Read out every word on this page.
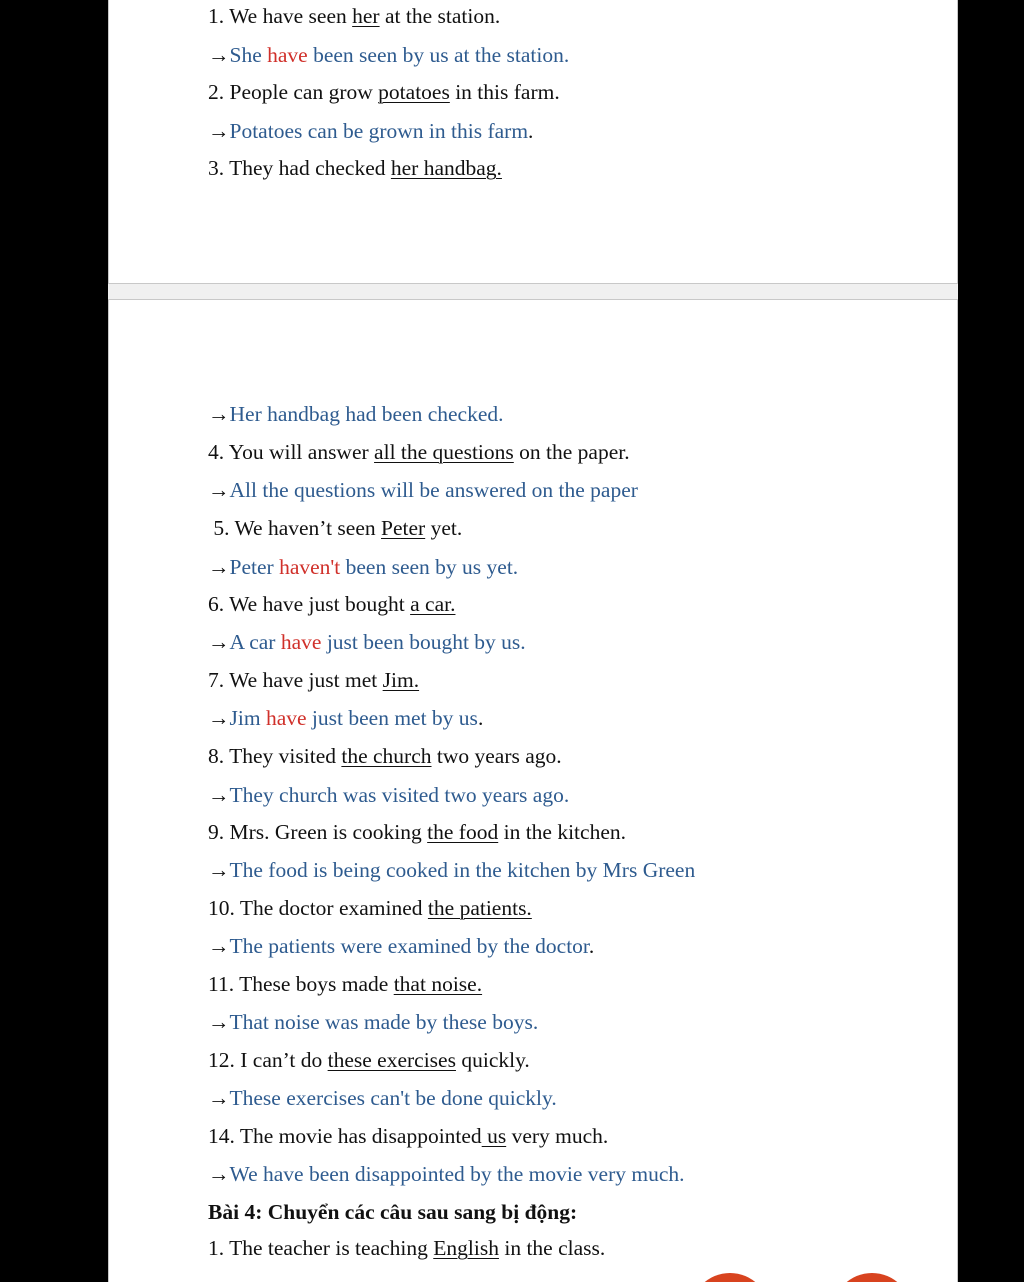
1. We have seen her at the station.
→She have been seen by us at the station.
2. People can grow potatoes in this farm.
→Potatoes can be grown in this farm.
3. They had checked her handbag.
→Her handbag had been checked.
4. You will answer all the questions on the paper.
→All the questions will be answered on the paper
5. We haven’t seen Peter yet.
→Peter haven't been seen by us yet.
6. We have just bought a car.
→A car have just been bought by us.
7. We have just met Jim.
→Jim have just been met by us.
8. They visited the church two years ago.
→They church was visited two years ago.
9. Mrs. Green is cooking the food in the kitchen.
→The food is being cooked in the kitchen by Mrs Green
10. The doctor examined the patients.
→The patients were examined by the doctor.
11. These boys made that noise.
→That noise was made by these boys.
12. I can’t do these exercises quickly.
→These exercises can't be done quickly.
14. The movie has disappointed us very much.
→We have been disappointed by the movie very much.
Bài 4: Chuyển các câu sau sang bị động:
1. The teacher is teaching English in the class.
